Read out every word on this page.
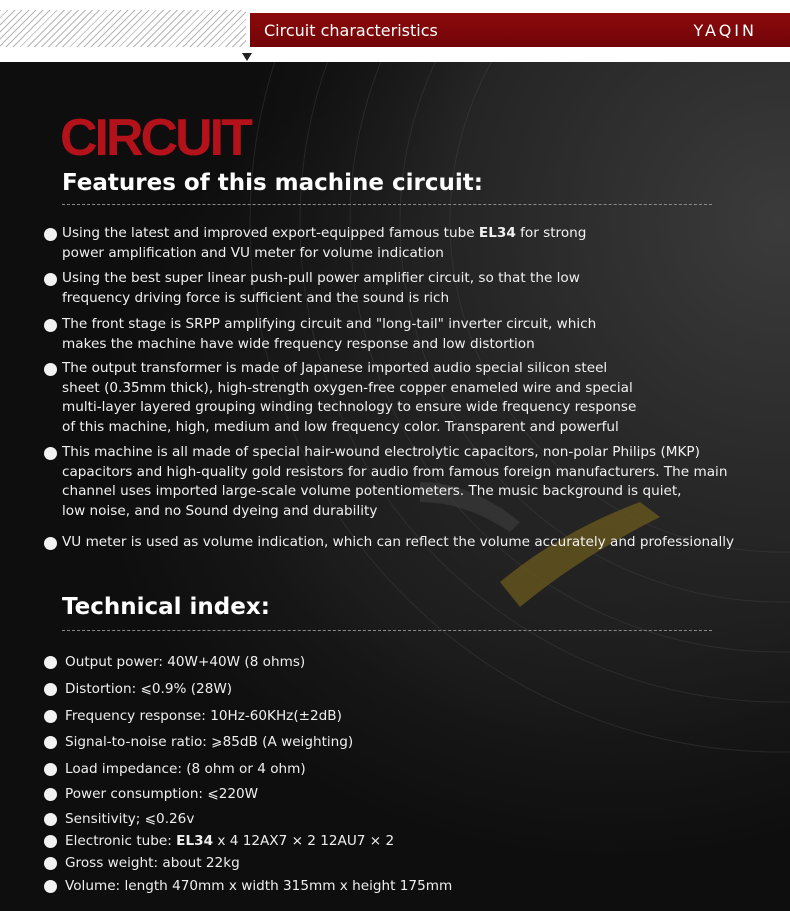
Circuit characteristics	YAQIN
CIRCUIT
Features of this machine circuit:
Using the latest and improved export-equipped famous tube EL34 for strong
power amplification and VU meter for volume indication
Using the best super linear push-pull power amplifier circuit, so that the low
frequency driving force is sufficient and the sound is rich
The front stage is SRPP amplifying circuit and "long-tail" inverter circuit, which
makes the machine have wide frequency response and low distortion
The output transformer is made of Japanese imported audio special silicon steel
sheet (0.35mm thick), high-strength oxygen-free copper enameled wire and special
multi-layer layered grouping winding technology to ensure wide frequency response
of this machine, high, medium and low frequency color. Transparent and powerful
This machine is all made of special hair-wound electrolytic capacitors, non-polar Philips (MKP)
capacitors and high-quality gold resistors for audio from famous foreign manufacturers. The main
channel uses imported large-scale volume potentiometers. The music background is quiet,
low noise, and no Sound dyeing and durability
VU meter is used as volume indication, which can reflect the volume accurately and professionally
Technical index:
Output power: 40W+40W (8 ohms)
Distortion: ⩽0.9% (28W)
Frequency response: 10Hz-60KHz(±2dB)
Signal-to-noise ratio: ⩾85dB (A weighting)
Load impedance: (8 ohm or 4 ohm)
Power consumption: ⩽220W
Sensitivity; ⩽0.26v
Electronic tube: EL34 x 4 12AX7 × 2 12AU7 × 2
Gross weight: about 22kg
Volume: length 470mm x width 315mm x height 175mm
